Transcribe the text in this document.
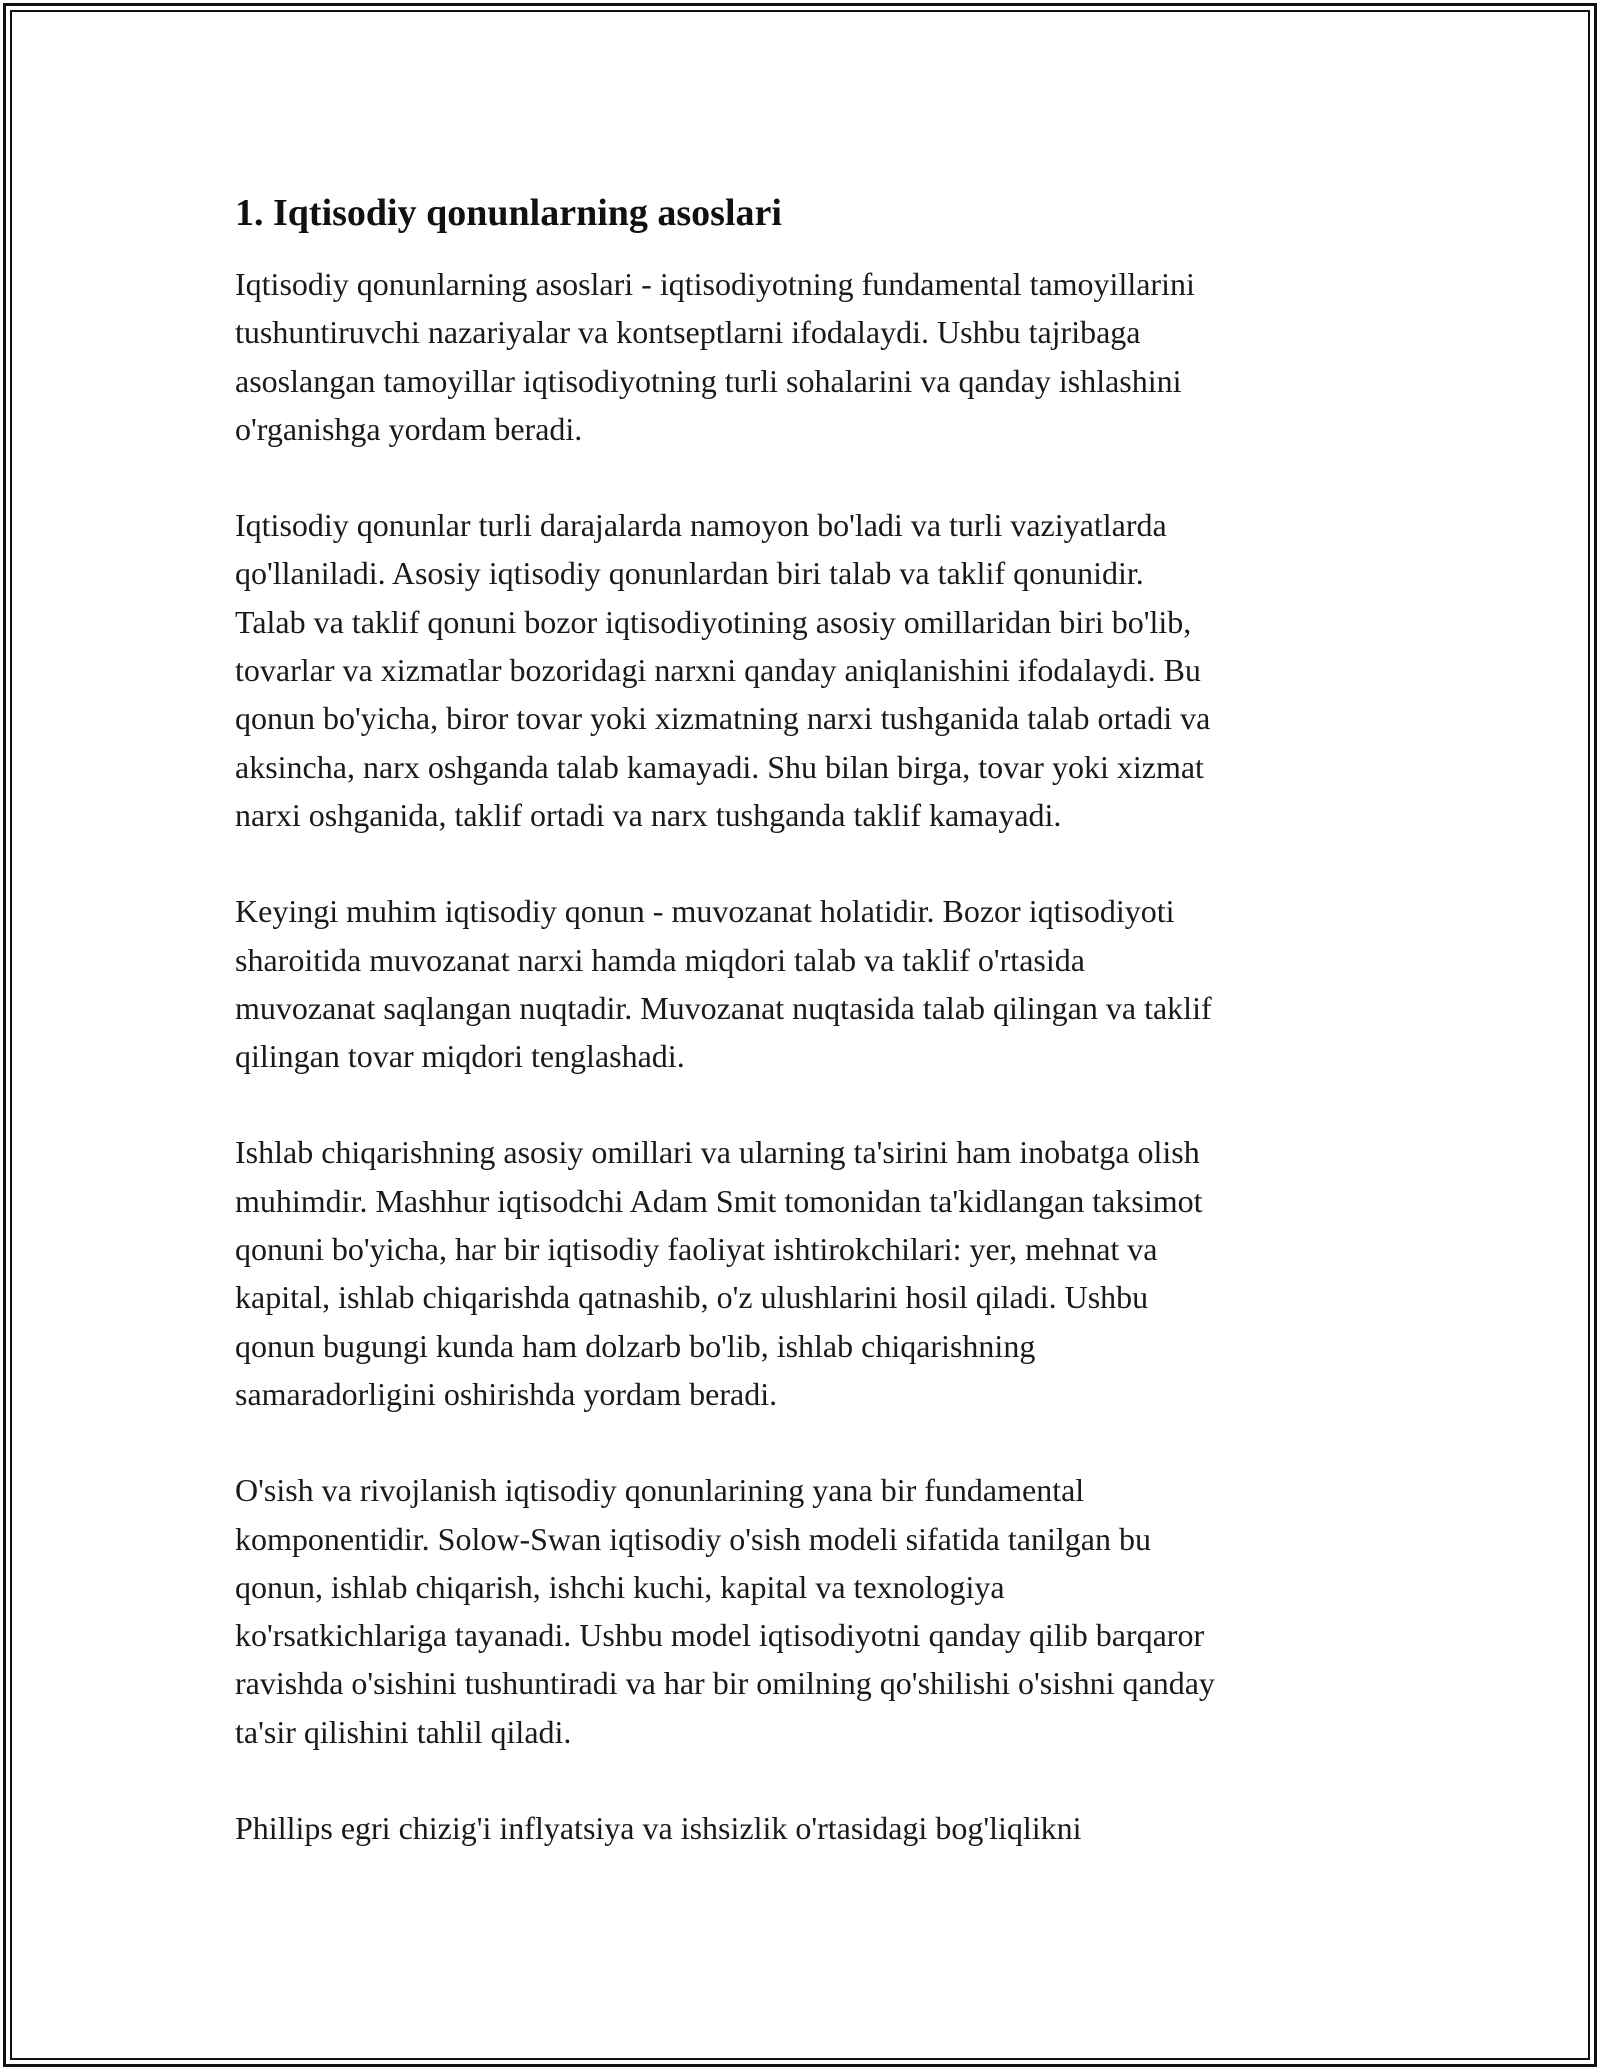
1. Iqtisodiy qonunlarning asoslari

Iqtisodiy qonunlarning asoslari - iqtisodiyotning fundamental tamoyillarini
tushuntiruvchi nazariyalar va kontseptlarni ifodalaydi. Ushbu tajribaga
asoslangan tamoyillar iqtisodiyotning turli sohalarini va qanday ishlashini
o'rganishga yordam beradi.

Iqtisodiy qonunlar turli darajalarda namoyon bo'ladi va turli vaziyatlarda
qo'llaniladi. Asosiy iqtisodiy qonunlardan biri talab va taklif qonunidir.
Talab va taklif qonuni bozor iqtisodiyotining asosiy omillaridan biri bo'lib,
tovarlar va xizmatlar bozoridagi narxni qanday aniqlanishini ifodalaydi. Bu
qonun bo'yicha, biror tovar yoki xizmatning narxi tushganida talab ortadi va
aksincha, narx oshganda talab kamayadi. Shu bilan birga, tovar yoki xizmat
narxi oshganida, taklif ortadi va narx tushganda taklif kamayadi.

Keyingi muhim iqtisodiy qonun - muvozanat holatidir. Bozor iqtisodiyoti
sharoitida muvozanat narxi hamda miqdori talab va taklif o'rtasida
muvozanat saqlangan nuqtadir. Muvozanat nuqtasida talab qilingan va taklif
qilingan tovar miqdori tenglashadi.

Ishlab chiqarishning asosiy omillari va ularning ta'sirini ham inobatga olish
muhimdir. Mashhur iqtisodchi Adam Smit tomonidan ta'kidlangan taksimot
qonuni bo'yicha, har bir iqtisodiy faoliyat ishtirokchilari: yer, mehnat va
kapital, ishlab chiqarishda qatnashib, o'z ulushlarini hosil qiladi. Ushbu
qonun bugungi kunda ham dolzarb bo'lib, ishlab chiqarishning
samaradorligini oshirishda yordam beradi.

O'sish va rivojlanish iqtisodiy qonunlarining yana bir fundamental
komponentidir. Solow-Swan iqtisodiy o'sish modeli sifatida tanilgan bu
qonun, ishlab chiqarish, ishchi kuchi, kapital va texnologiya
ko'rsatkichlariga tayanadi. Ushbu model iqtisodiyotni qanday qilib barqaror
ravishda o'sishini tushuntiradi va har bir omilning qo'shilishi o'sishni qanday
ta'sir qilishini tahlil qiladi.

Phillips egri chizig'i inflyatsiya va ishsizlik o'rtasidagi bog'liqlikni
